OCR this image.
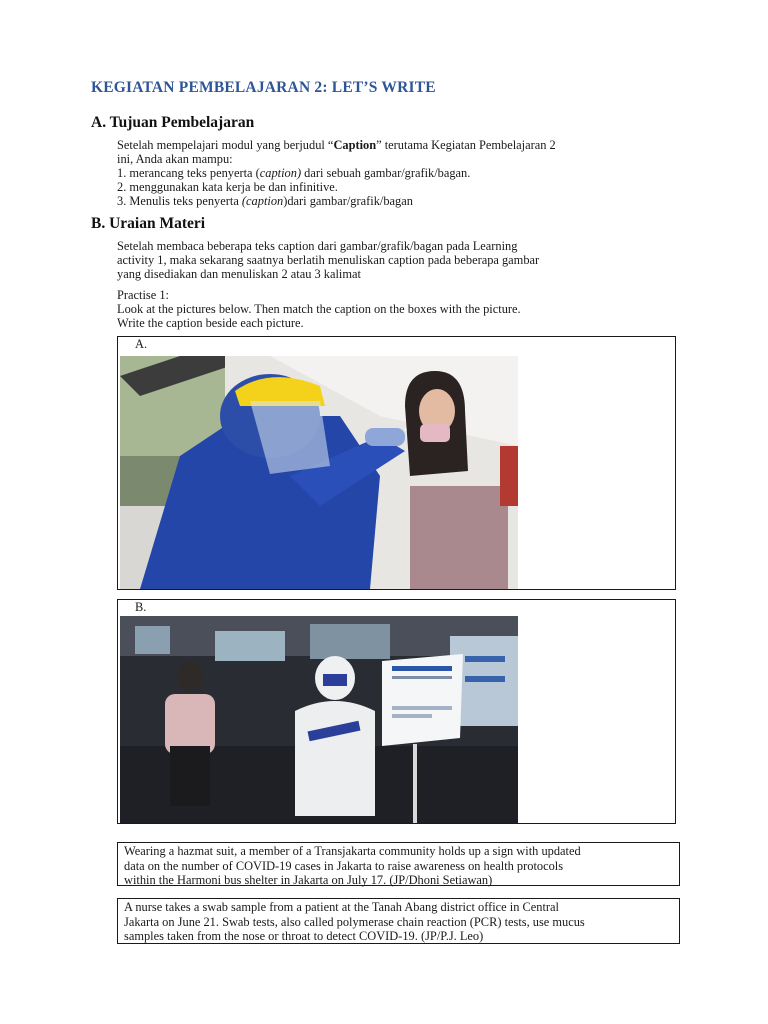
KEGIATAN PEMBELAJARAN 2: LET’S WRITE
A. Tujuan Pembelajaran
Setelah mempelajari modul yang berjudul “Caption” terutama Kegiatan Pembelajaran 2
ini, Anda akan mampu:
1. merancang teks penyerta (caption) dari sebuah gambar/grafik/bagan.
2. menggunakan kata kerja be dan infinitive.
3. Menulis teks penyerta (caption)dari gambar/grafik/bagan
B. Uraian Materi
Setelah membaca beberapa teks caption dari gambar/grafik/bagan pada Learning
activity 1, maka sekarang saatnya berlatih menuliskan caption pada beberapa gambar
yang disediakan dan menuliskan 2 atau 3 kalimat
Practise 1:
Look at the pictures below. Then match the caption on the boxes with the picture.
Write the caption beside each picture.
A.
B.
Wearing a hazmat suit, a member of a Transjakarta community holds up a sign with updated
data on the number of COVID-19 cases in Jakarta to raise awareness on health protocols
within the Harmoni bus shelter in Jakarta on July 17. (JP/Dhoni Setiawan)
A nurse takes a swab sample from a patient at the Tanah Abang district office in Central
Jakarta on June 21. Swab tests, also called polymerase chain reaction (PCR) tests, use mucus
samples taken from the nose or throat to detect COVID-19. (JP/P.J. Leo)
